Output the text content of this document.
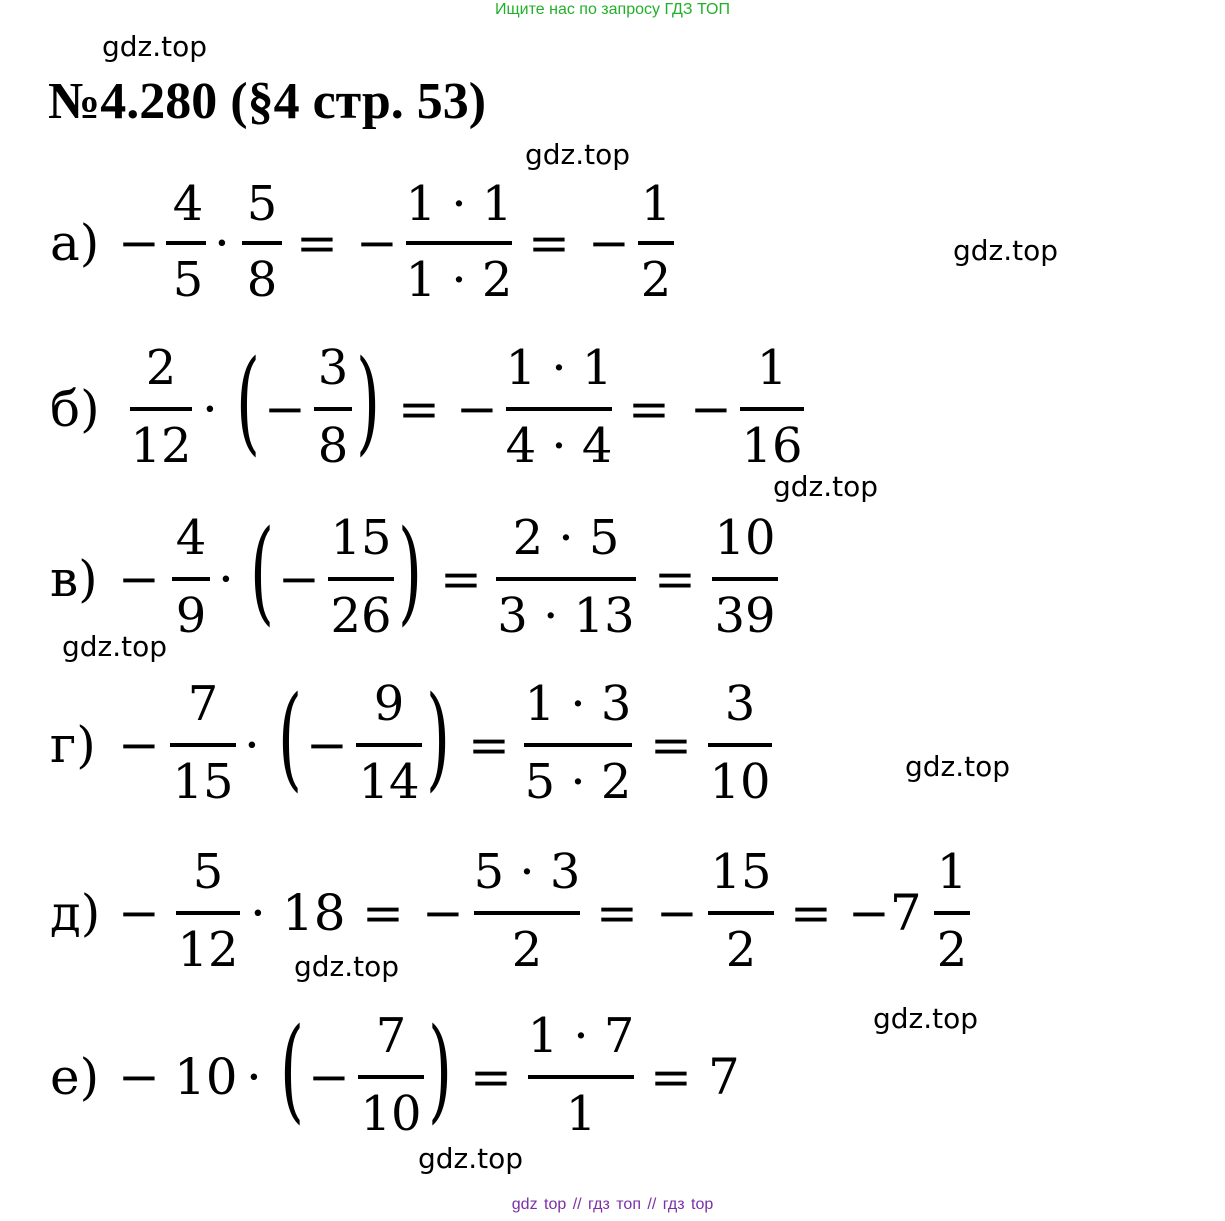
Ищите нас по запросу ГДЗ ТОП
gdz top // гдз топ // гдз top
gdz.top
gdz.top
gdz.top
gdz.top
gdz.top
gdz.top
gdz.top
gdz.top
gdz.top
№4.280 (§4 стр. 53)
а) −
4
5
·
5
8
= −
1 · 1
1 · 2
= −
1
2
б)
2
12
· ( −
3
8 ) = −
1 · 1
4 · 4
= −
1
16
в) −
4
9
· ( −
15
26 ) =
2 · 5
3 · 13
=
10
39
г) −
7
15
· ( −
9
14 ) =
1 · 3
5 · 2
=
3
10
д) −
5
12
· 18 = −
5 · 3
2
= −
15
2
= −7
1
2
е) − 10 · ( −
7
10 ) =
1 · 7
1
= 7
